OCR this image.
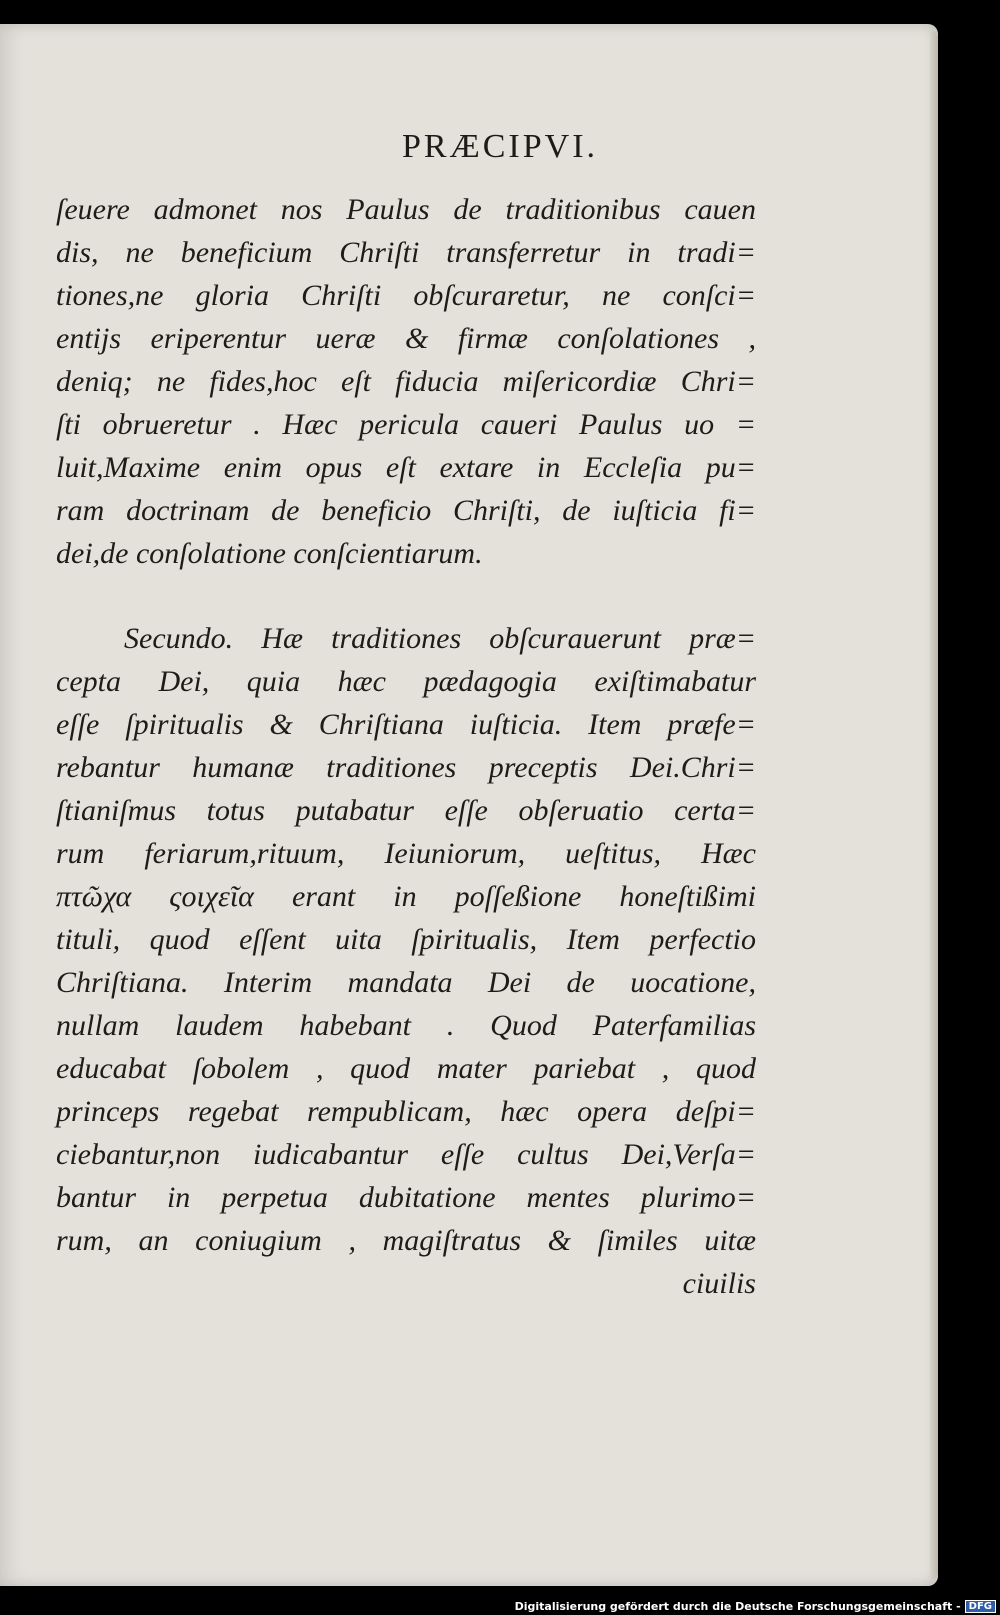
PRÆCIPVI.
ſeuere admonet nos Paulus de traditionibus cauen
dis, ne beneficium Chriſti transferretur in tradi=
tiones,ne gloria Chriſti obſcuraretur, ne conſci=
entijs eriperentur ueræ & firmæ conſolationes ,
deniq; ne fides,hoc eſt fiducia miſericordiæ Chri=
ſti obrueretur . Hæc pericula caueri Paulus uo =
luit,Maxime enim opus eſt extare in Eccleſia pu=
ram doctrinam de beneficio Chriſti, de iuſticia fi=
dei,de conſolatione conſcientiarum.
Secundo. Hæ traditiones obſcurauerunt præ=
cepta Dei, quia hæc pædagogia exiſtimabatur
eſſe ſpiritualis & Chriſtiana iuſticia. Item præfe=
rebantur humanæ traditiones preceptis Dei.Chri=
ſtianiſmus totus putabatur eſſe obſeruatio certa=
rum feriarum,rituum, Ieiuniorum, ueſtitus, Hæc
πτῶχα ςοιχεῖα erant in poſſeßione honeſtißimi
tituli, quod eſſent uita ſpiritualis, Item perfectio
Chriſtiana. Interim mandata Dei de uocatione,
nullam laudem habebant . Quod Paterfamilias
educabat ſobolem , quod mater pariebat , quod
princeps regebat rempublicam, hæc opera deſpi=
ciebantur,non iudicabantur eſſe cultus Dei,Verſa=
bantur in perpetua dubitatione mentes plurimo=
rum, an coniugium , magiſtratus & ſimiles uitæ
ciuilis
Digitalisierung gefördert durch die Deutsche Forschungsgemeinschaft - DFG
